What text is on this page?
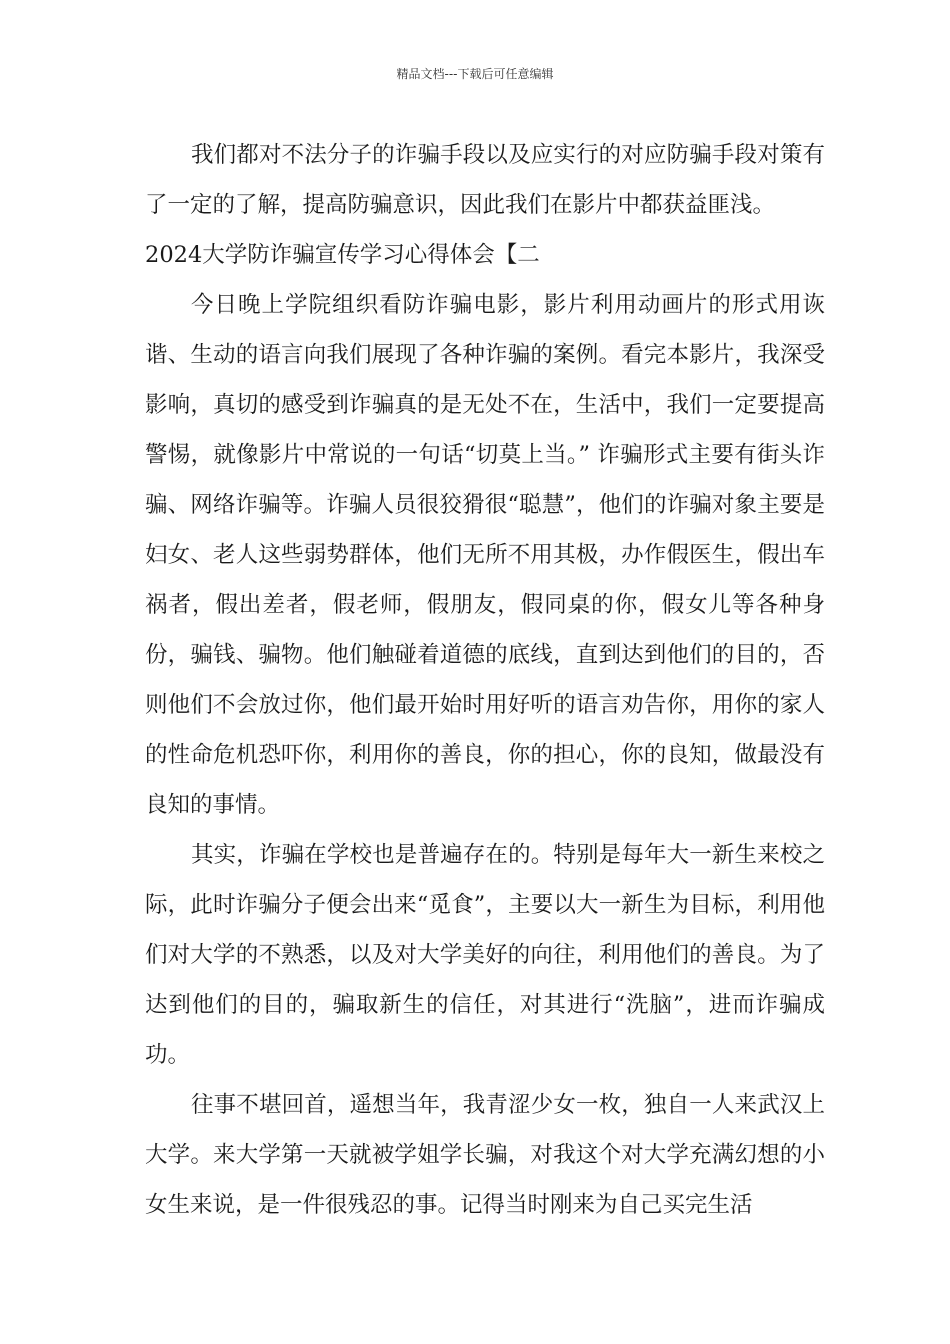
精品文档---下载后可任意编辑

我们都对不法分子的诈骗手段以及应实行的对应防骗手段对策有了一定的了解，提高防骗意识，因此我们在影片中都获益匪浅。

2024大学防诈骗宣传学习心得体会【二

今日晚上学院组织看防诈骗电影，影片利用动画片的形式用诙谐、生动的语言向我们展现了各种诈骗的案例。看完本影片，我深受影响，真切的感受到诈骗真的是无处不在，生活中，我们一定要提高警惕，就像影片中常说的一句话“切莫上当。” 诈骗形式主要有街头诈骗、网络诈骗等。诈骗人员很狡猾很“聪慧”，他们的诈骗对象主要是妇女、老人这些弱势群体，他们无所不用其极，办作假医生，假出车祸者，假出差者，假老师，假朋友，假同桌的你，假女儿等各种身份，骗钱、骗物。他们触碰着道德的底线，直到达到他们的目的，否则他们不会放过你，他们最开始时用好听的语言劝告你，用你的家人的性命危机恐吓你，利用你的善良，你的担心，你的良知，做最没有良知的事情。

其实，诈骗在学校也是普遍存在的。特别是每年大一新生来校之际，此时诈骗分子便会出来“觅食”，主要以大一新生为目标，利用他们对大学的不熟悉，以及对大学美好的向往，利用他们的善良。为了达到他们的目的，骗取新生的信任，对其进行“洗脑”，进而诈骗成功。

往事不堪回首，遥想当年，我青涩少女一枚，独自一人来武汉上大学。来大学第一天就被学姐学长骗，对我这个对大学充满幻想的小女生来说，是一件很残忍的事。记得当时刚来为自己买完生活
